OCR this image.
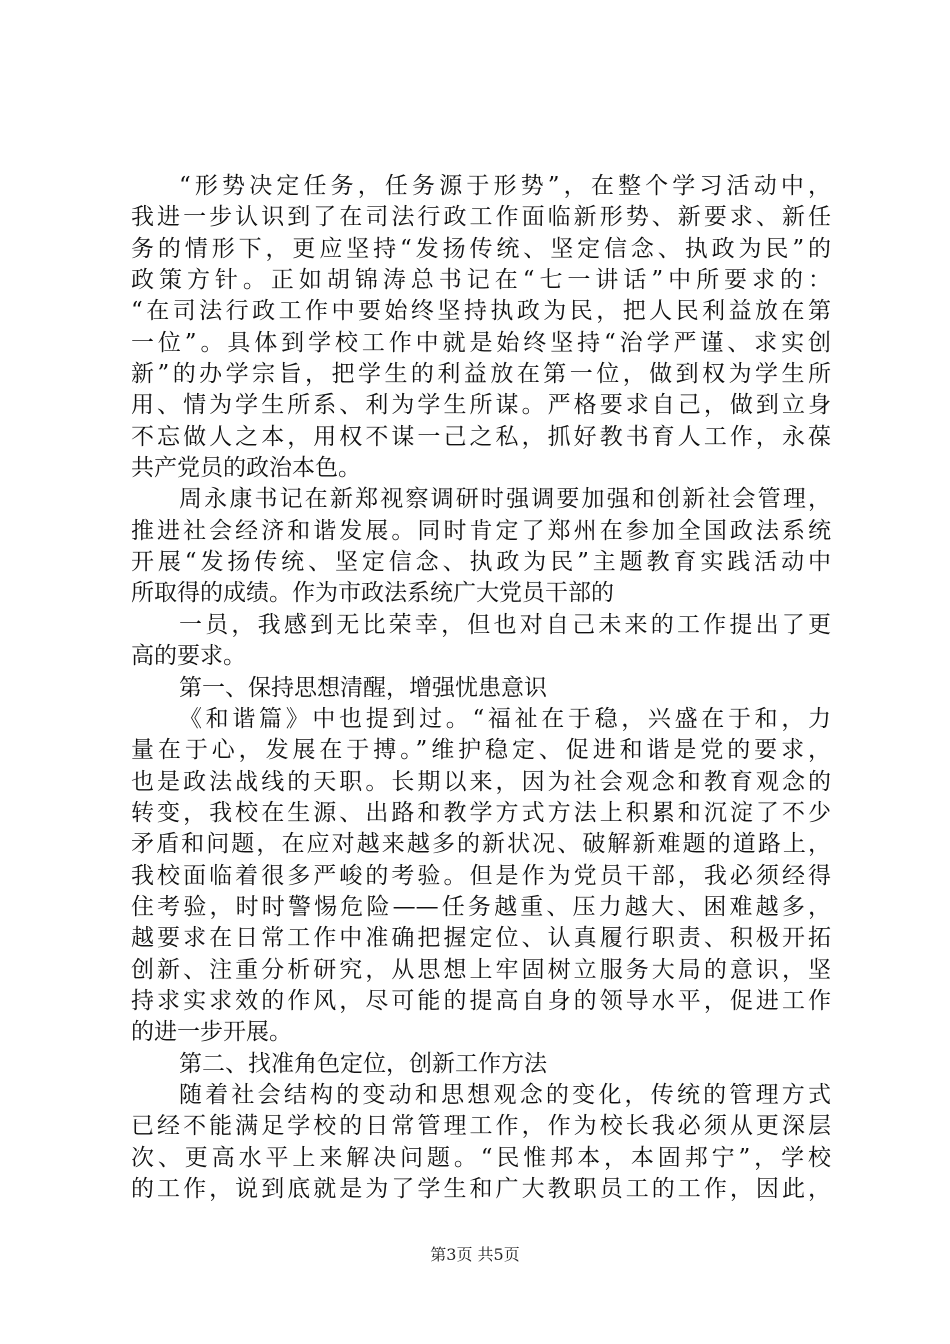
“形势决定任务，任务源于形势”，在整个学习活动中，
我进一步认识到了在司法行政工作面临新形势、新要求、新任
务的情形下，更应坚持“发扬传统、坚定信念、执政为民”的
政策方针。正如胡锦涛总书记在“七一讲话”中所要求的：
“在司法行政工作中要始终坚持执政为民，把人民利益放在第
一位”。具体到学校工作中就是始终坚持“治学严谨、求实创
新”的办学宗旨，把学生的利益放在第一位，做到权为学生所
用、情为学生所系、利为学生所谋。严格要求自己，做到立身
不忘做人之本，用权不谋一己之私，抓好教书育人工作，永葆
共产党员的政治本色。
周永康书记在新郑视察调研时强调要加强和创新社会管理，
推进社会经济和谐发展。同时肯定了郑州在参加全国政法系统
开展“发扬传统、坚定信念、执政为民”主题教育实践活动中
所取得的成绩。作为市政法系统广大党员干部的
一员，我感到无比荣幸，但也对自己未来的工作提出了更
高的要求。
第一、保持思想清醒，增强忧患意识
《和谐篇》中也提到过。“福祉在于稳，兴盛在于和，力
量在于心，发展在于搏。”维护稳定、促进和谐是党的要求，
也是政法战线的天职。长期以来，因为社会观念和教育观念的
转变，我校在生源、出路和教学方式方法上积累和沉淀了不少
矛盾和问题，在应对越来越多的新状况、破解新难题的道路上，
我校面临着很多严峻的考验。但是作为党员干部，我必须经得
住考验，时时警惕危险——任务越重、压力越大、困难越多，
越要求在日常工作中准确把握定位、认真履行职责、积极开拓
创新、注重分析研究，从思想上牢固树立服务大局的意识，坚
持求实求效的作风，尽可能的提高自身的领导水平，促进工作
的进一步开展。
第二、找准角色定位，创新工作方法
随着社会结构的变动和思想观念的变化，传统的管理方式
已经不能满足学校的日常管理工作，作为校长我必须从更深层
次、更高水平上来解决问题。“民惟邦本，本固邦宁”，学校
的工作，说到底就是为了学生和广大教职员工的工作，因此，
第3页 共5页
